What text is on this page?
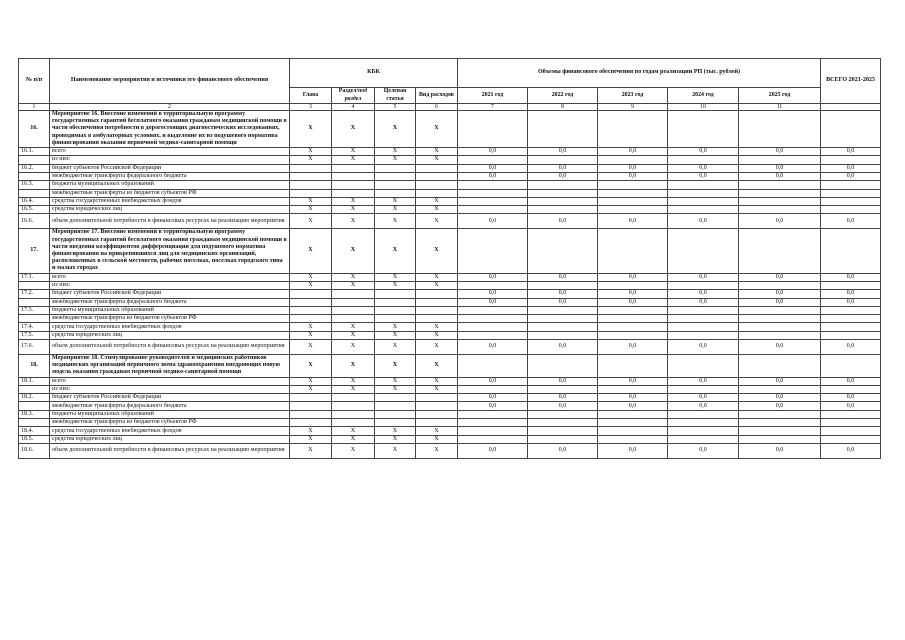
№ п/п	Наименование мероприятия и источники его финансового обеспечения	КБК				Объемы финансового обеспечения по годам реализации РП (тыс. рублей)					ВСЕГО 2021-2025
		Глава	Раздел/под раздел	Целевая статья	Вид расходов	2021 год	2022 год	2023 год	2024 год	2025 год	
1	2	3	4	5	6	7	8	9	10	11	
16.	Мероприятие 16. Внесение изменений в территориальную программу государственных гарантий бесплатного оказания гражданам медицинской помощи в части обеспечения потребности в дорогостоящих диагностических исследованиях, проводимых в амбулаторных условиях, и выделение их из подушевого норматива финансирования оказания первичной медико-санитарной помощи	X	X	X	X						
16.1.	всего	X	X	X	X	0,0	0,0	0,0	0,0	0,0	0,0
	из них:	X	X	X	X						
16.2.	бюджет субъектов Российской Федерации					0,0	0,0	0,0	0,0	0,0	0,0
	межбюджетные трансферты федерального бюджета					0,0	0,0	0,0	0,0	0,0	0,0
16.3.	бюджеты муниципальных образований										
	межбюджетные трансферты из бюджетов субъектов РФ										
16.4.	средства государственных внебюджетных фондов	X	X	X	X						
16.5.	средства юридических лиц	X	X	X	X						
16.6.	объем дополнительной потребности в финансовых ресурсах на реализацию мероприятия	X	X	X	X	0,0	0,0	0,0	0,0	0,0	0,0
17.	Мероприятие 17. Внесение изменений в территориальную программу государственных гарантий бесплатного оказания гражданам медицинской помощи в части введения коэффициентов дифференциации для подушевого норматива финансирования на прикрепившихся лиц для медицинских организаций, расположенных в сельской местности, рабочих поселках, поселках городского типа и малых городах	X	X	X	X						
17.1.	всего	X	X	X	X	0,0	0,0	0,0	0,0	0,0	0,0
	из них:	X	X	X	X						
17.2.	бюджет субъектов Российской Федерации					0,0	0,0	0,0	0,0	0,0	0,0
	межбюджетные трансферты федерального бюджета					0,0	0,0	0,0	0,0	0,0	0,0
17.3.	бюджеты муниципальных образований										
	межбюджетные трансферты из бюджетов субъектов РФ										
17.4.	средства государственных внебюджетных фондов	X	X	X	X						
17.5.	средства юридических лиц	X	X	X	X						
17.6.	объем дополнительной потребности в финансовых ресурсах на реализацию мероприятия	X	X	X	X	0,0	0,0	0,0	0,0	0,0	0,0
18.	Мероприятие 18. Стимулирование руководителей и медицинских работников медицинских организаций первичного звена здравоохранения внедряющих новую модель оказания гражданам первичной медико-санитарной помощи	X	X	X	X						
18.1.	всего	X	X	X	X	0,0	0,0	0,0	0,0	0,0	0,0
	из них:	X	X	X	X						
18.2.	бюджет субъектов Российской Федерации					0,0	0,0	0,0	0,0	0,0	0,0
	межбюджетные трансферты федерального бюджета					0,0	0,0	0,0	0,0	0,0	0,0
18.3.	бюджеты муниципальных образований										
	межбюджетные трансферты из бюджетов субъектов РФ										
18.4.	средства государственных внебюджетных фондов	X	X	X	X						
18.5.	средства юридических лиц	X	X	X	X						
18.6.	объем дополнительной потребности в финансовых ресурсах на реализацию мероприятия	X	X	X	X	0,0	0,0	0,0	0,0	0,0	0,0
